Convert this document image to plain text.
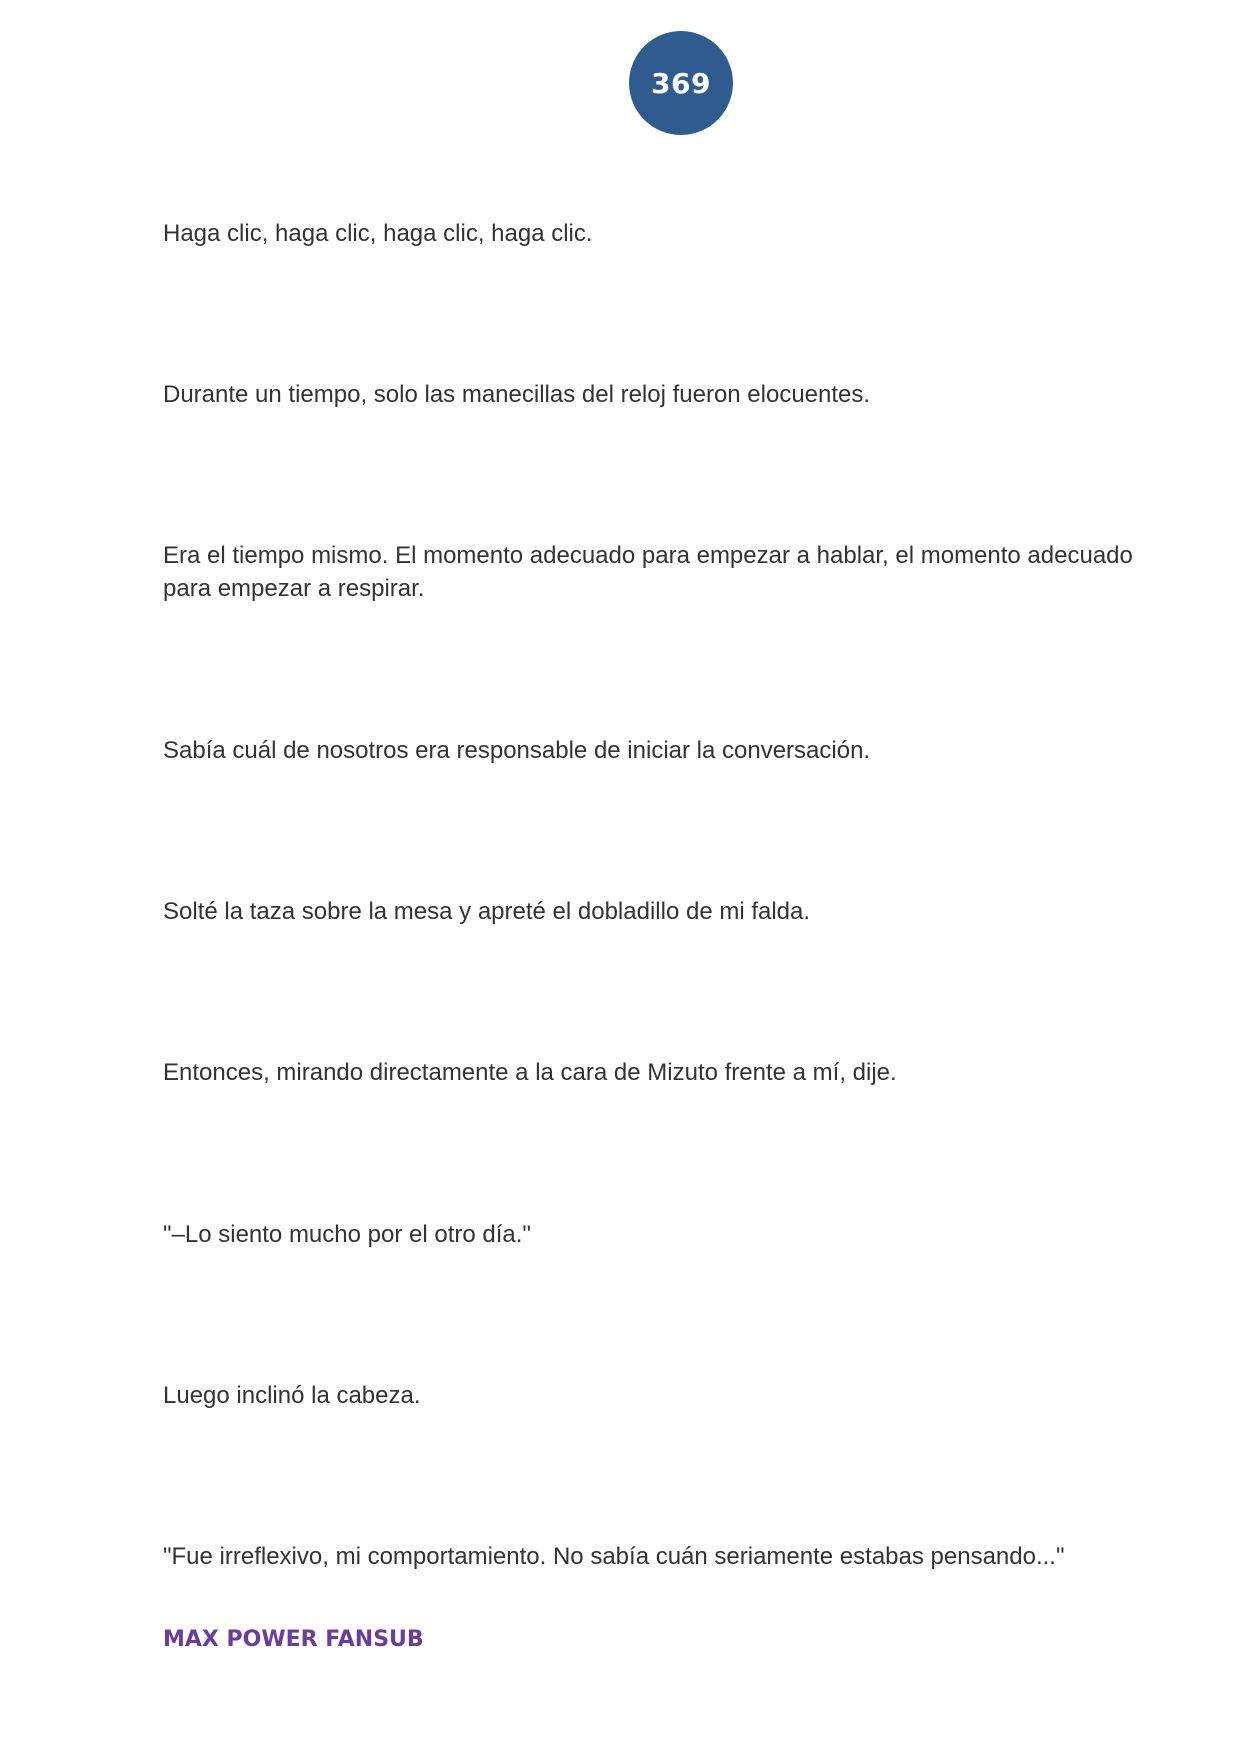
369

Haga clic, haga clic, haga clic, haga clic.

Durante un tiempo, solo las manecillas del reloj fueron elocuentes.

Era el tiempo mismo. El momento adecuado para empezar a hablar, el momento adecuado para empezar a respirar.

Sabía cuál de nosotros era responsable de iniciar la conversación.

Solté la taza sobre la mesa y apreté el dobladillo de mi falda.

Entonces, mirando directamente a la cara de Mizuto frente a mí, dije.

"–Lo siento mucho por el otro día."

Luego inclinó la cabeza.

"Fue irreflexivo, mi comportamiento. No sabía cuán seriamente estabas pensando..."

MAX POWER FANSUB
